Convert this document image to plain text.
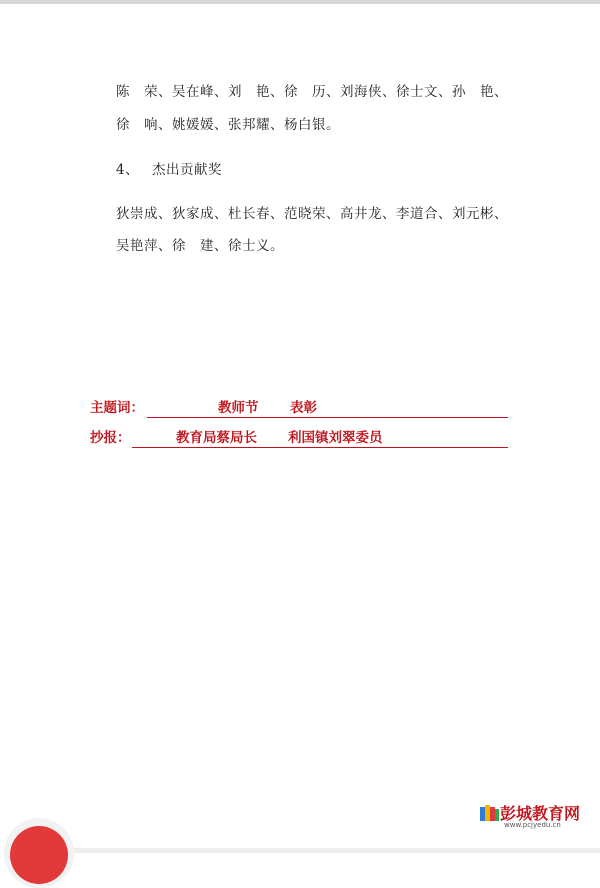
陈　荣、吴在峰、刘　艳、徐　历、刘海侠、徐士文、孙　艳、
徐　响、姚媛媛、张邦耀、杨白银。
4、 杰出贡献奖
狄崇成、狄家成、杜长春、范晓荣、高井龙、李道合、刘元彬、
吴艳萍、徐　建、徐士义。
主题词：	教师节 表彰
抄报：	教育局蔡局长 利国镇刘翠委员
彭城教育网
www.pcjyedu.cn
